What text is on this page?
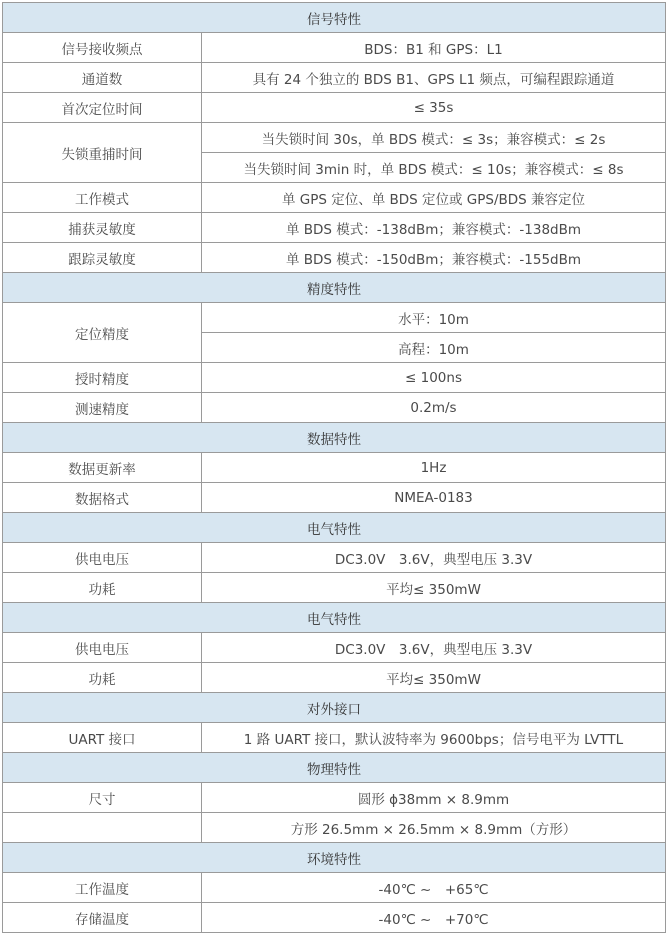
信号特性	
信号接收频点	BDS：B1 和 GPS：L1
通道数	具有 24 个独立的 BDS B1、GPS L1 频点，可编程跟踪通道
首次定位时间	≤ 35s
失锁重捕时间	当失锁时间 30s，单 BDS 模式：≤ 3s；兼容模式：≤ 2s
	当失锁时间 3min 时，单 BDS 模式：≤ 10s；兼容模式：≤ 8s
工作模式	单 GPS 定位、单 BDS 定位或 GPS/BDS 兼容定位
捕获灵敏度	单 BDS 模式：-138dBm；兼容模式：-138dBm
跟踪灵敏度	单 BDS 模式：-150dBm；兼容模式：-155dBm
精度特性	
定位精度	水平：10m
	高程：10m
授时精度	≤ 100ns
测速精度	0.2m/s
数据特性	
数据更新率	1Hz
数据格式	NMEA-0183
电气特性	
供电电压	DC3.0V　3.6V，典型电压 3.3V
功耗	平均≤ 350mW
电气特性	
供电电压	DC3.0V　3.6V，典型电压 3.3V
功耗	平均≤ 350mW
对外接口	
UART 接口	1 路 UART 接口，默认波特率为 9600bps；信号电平为 LVTTL
物理特性	
尺寸	圆形 ϕ38mm × 8.9mm
	方形 26.5mm × 26.5mm × 8.9mm（方形）
环境特性	
工作温度	-40℃ ~　+65℃
存储温度	-40℃ ~　+70℃
